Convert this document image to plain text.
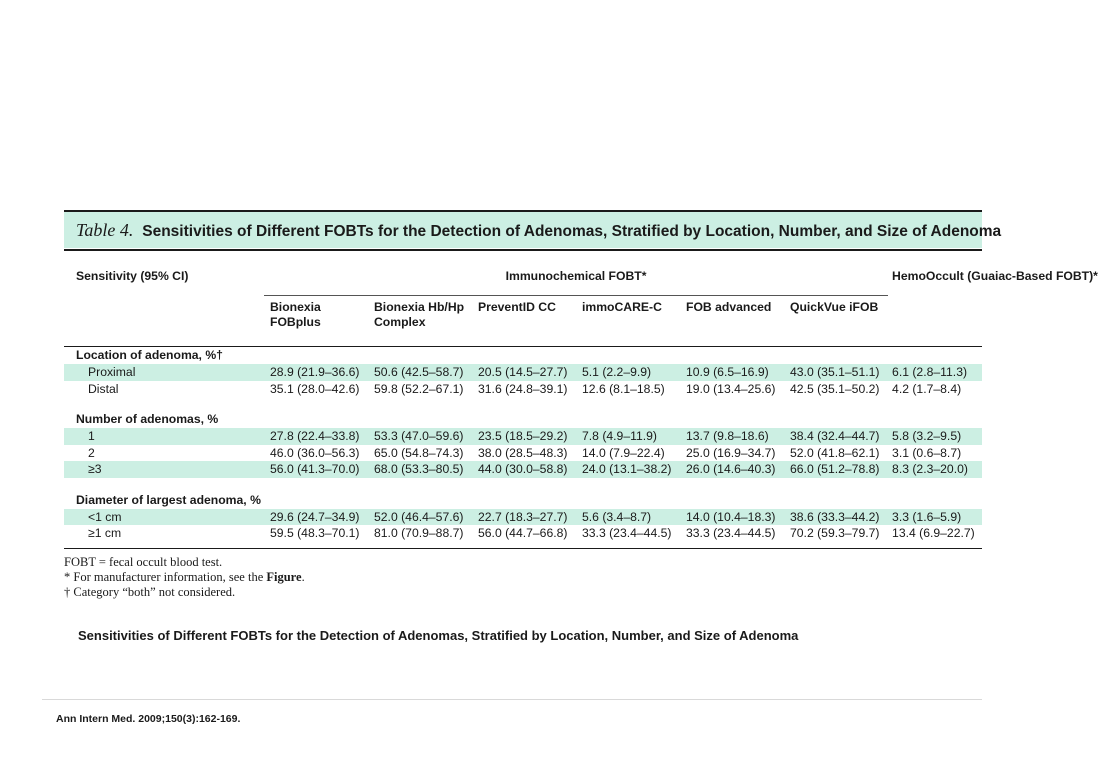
Table 4. Sensitivities of Different FOBTs for the Detection of Adenomas, Stratified by Location, Number, and Size of Adenoma
Sensitivity (95% CI)	Immunochemical FOBT*						HemoOccult (Guaiac-Based FOBT)*
	Bionexia FOBplus	Bionexia Hb/Hp Complex	PreventID CC	immoCARE-C	FOB advanced	QuickVue iFOB	

Location of adenoma, %†							
Proximal	28.9 (21.9–36.6)	50.6 (42.5–58.7)	20.5 (14.5–27.7)	5.1 (2.2–9.9)	10.9 (6.5–16.9)	43.0 (35.1–51.1)	6.1 (2.8–11.3)
Distal	35.1 (28.0–42.6)	59.8 (52.2–67.1)	31.6 (24.8–39.1)	12.6 (8.1–18.5)	19.0 (13.4–25.6)	42.5 (35.1–50.2)	4.2 (1.7–8.4)

Number of adenomas, %							
1	27.8 (22.4–33.8)	53.3 (47.0–59.6)	23.5 (18.5–29.2)	7.8 (4.9–11.9)	13.7 (9.8–18.6)	38.4 (32.4–44.7)	5.8 (3.2–9.5)
2	46.0 (36.0–56.3)	65.0 (54.8–74.3)	38.0 (28.5–48.3)	14.0 (7.9–22.4)	25.0 (16.9–34.7)	52.0 (41.8–62.1)	3.1 (0.6–8.7)
≥3	56.0 (41.3–70.0)	68.0 (53.3–80.5)	44.0 (30.0–58.8)	24.0 (13.1–38.2)	26.0 (14.6–40.3)	66.0 (51.2–78.8)	8.3 (2.3–20.0)

Diameter of largest adenoma, %							
<1 cm	29.6 (24.7–34.9)	52.0 (46.4–57.6)	22.7 (18.3–27.7)	5.6 (3.4–8.7)	14.0 (10.4–18.3)	38.6 (33.3–44.2)	3.3 (1.6–5.9)
≥1 cm	59.5 (48.3–70.1)	81.0 (70.9–88.7)	56.0 (44.7–66.8)	33.3 (23.4–44.5)	33.3 (23.4–44.5)	70.2 (59.3–79.7)	13.4 (6.9–22.7)

FOBT = fecal occult blood test.
* For manufacturer information, see the Figure.
† Category “both” not considered.
Sensitivities of Different FOBTs for the Detection of Adenomas, Stratified by Location, Number, and Size of Adenoma
Ann Intern Med. 2009;150(3):162-169.
